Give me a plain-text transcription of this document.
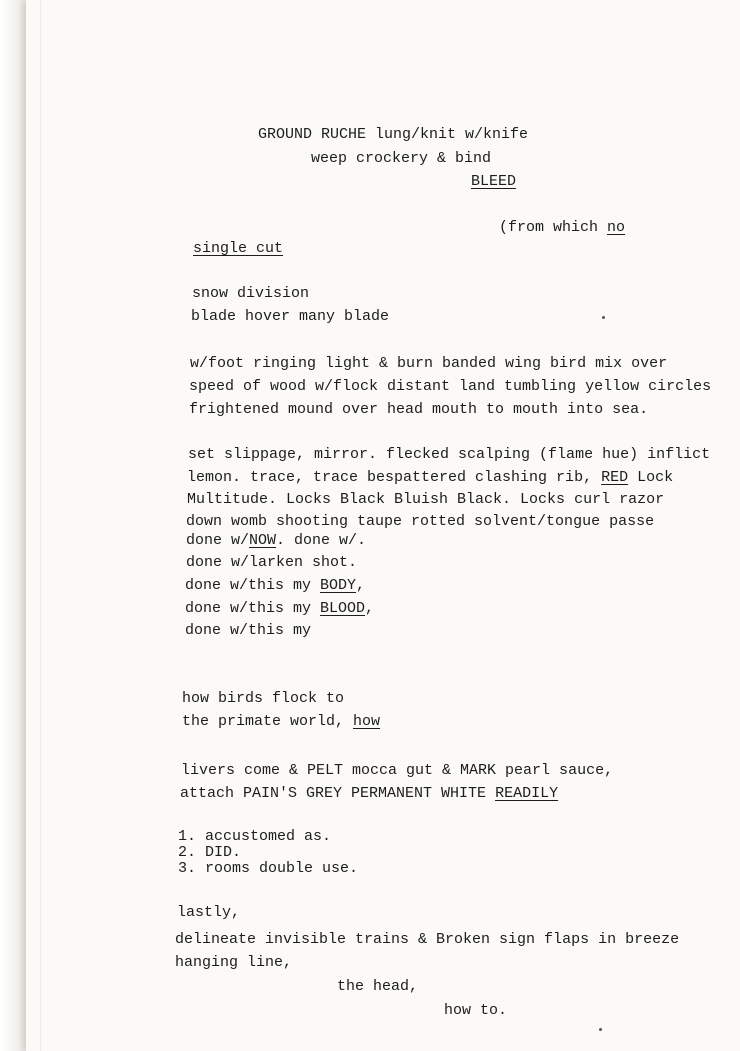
GROUND RUCHE lung/knit w/knife
weep crockery & bind
BLEED
(from which no
single cut
snow division
blade hover many blade
w/foot ringing light & burn banded wing bird mix over
speed of wood w/flock distant land tumbling yellow circles
frightened mound over head mouth to mouth into sea.
set slippage, mirror. flecked scalping (flame hue) inflict
lemon. trace, trace bespattered clashing rib, RED Lock
Multitude. Locks Black Bluish Black. Locks curl razor
down womb shooting taupe rotted solvent/tongue passe
done w/NOW. done w/.
done w/larken shot.
done w/this my BODY,
done w/this my BLOOD,
done w/this my
how birds flock to
the primate world, how
livers come & PELT mocca gut & MARK pearl sauce,
attach PAIN'S GREY PERMANENT WHITE READILY
1. accustomed as.
2. DID.
3. rooms double use.
lastly,
delineate invisible trains & Broken sign flaps in breeze
hanging line,
the head,
how to.
